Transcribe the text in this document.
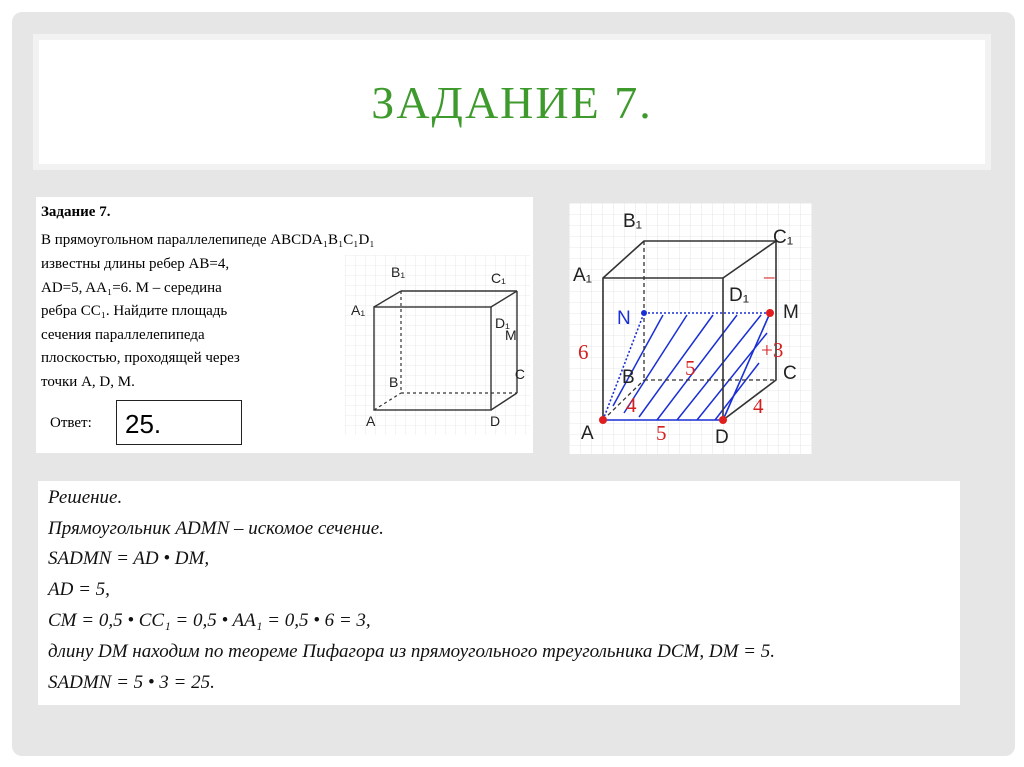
ЗАДАНИЕ 7.
Задание 7.
В прямоугольном параллелепипеде ABCDA₁B₁C₁D₁
известны длины ребер AB=4,
AD=5, AA₁=6. M – середина
ребра CC₁. Найдите площадь
сечения параллелепипеда
плоскостью, проходящей через
точки A, D, M.
Ответ:	25.	A
B	C
D
A₁
B₁	C₁
D₁
M
A
B	C
D
A₁
B₁
C₁
D₁
M
N
6
4
5
4
5
+3
–
Решение.
Прямоугольник ADMN – искомое сечение.
SADMN = AD • DM,
AD = 5,
CM = 0,5 • CC₁ = 0,5 • AA₁ = 0,5 • 6 = 3,
длину DM находим по теореме Пифагора из прямоугольного треугольника DCM, DM = 5.
SADMN = 5 • 3 = 25.
